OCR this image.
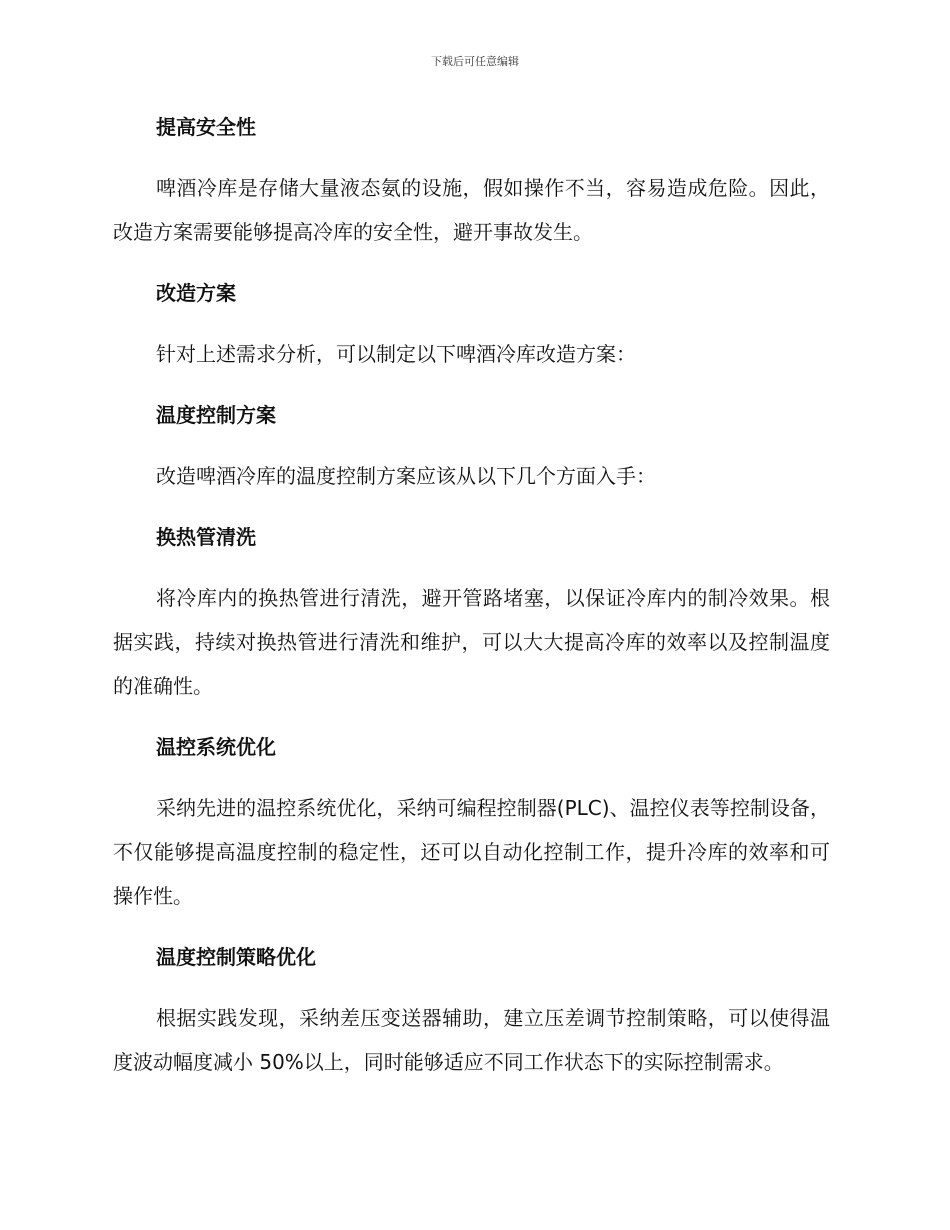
下载后可任意编辑
提高安全性

啤酒冷库是存储大量液态氨的设施，假如操作不当，容易造成危险。因此，改造方案需要能够提高冷库的安全性，避开事故发生。

改造方案

针对上述需求分析，可以制定以下啤酒冷库改造方案：

温度控制方案

改造啤酒冷库的温度控制方案应该从以下几个方面入手：

换热管清洗

将冷库内的换热管进行清洗，避开管路堵塞，以保证冷库内的制冷效果。根据实践，持续对换热管进行清洗和维护，可以大大提高冷库的效率以及控制温度的准确性。

温控系统优化

采纳先进的温控系统优化，采纳可编程控制器(PLC)、温控仪表等控制设备，不仅能够提高温度控制的稳定性，还可以自动化控制工作，提升冷库的效率和可操作性。

温度控制策略优化

根据实践发现，采纳差压变送器辅助，建立压差调节控制策略，可以使得温度波动幅度减小 50%以上，同时能够适应不同工作状态下的实际控制需求。
